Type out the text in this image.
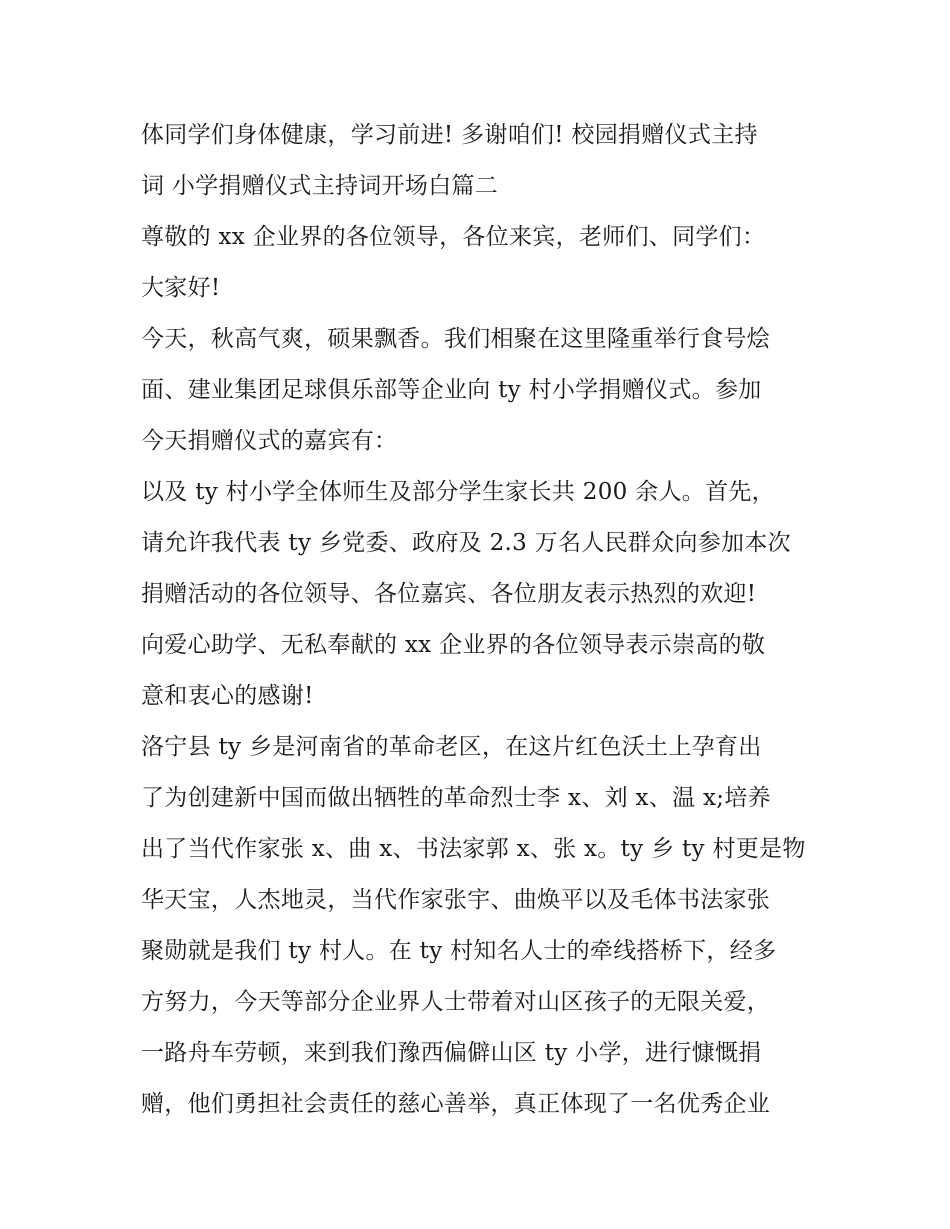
体同学们身体健康，学习前进! 多谢咱们! 校园捐赠仪式主持
词 小学捐赠仪式主持词开场白篇二
尊敬的 xx 企业界的各位领导，各位来宾，老师们、同学们：
大家好!
今天，秋高气爽，硕果飘香。我们相聚在这里隆重举行食号烩
面、建业集团足球俱乐部等企业向 ty 村小学捐赠仪式。参加
今天捐赠仪式的嘉宾有：
以及 ty 村小学全体师生及部分学生家长共 200 余人。首先，
请允许我代表 ty 乡党委、政府及 2.3 万名人民群众向参加本次
捐赠活动的各位领导、各位嘉宾、各位朋友表示热烈的欢迎!
向爱心助学、无私奉献的 xx 企业界的各位领导表示崇高的敬
意和衷心的感谢!
洛宁县 ty 乡是河南省的革命老区，在这片红色沃土上孕育出
了为创建新中国而做出牺牲的革命烈士李 x、刘 x、温 x;培养
出了当代作家张 x、曲 x、书法家郭 x、张 x。ty 乡 ty 村更是物
华天宝，人杰地灵，当代作家张宇、曲焕平以及毛体书法家张
聚勋就是我们 ty 村人。在 ty 村知名人士的牵线搭桥下，经多
方努力，今天等部分企业界人士带着对山区孩子的无限关爱，
一路舟车劳顿，来到我们豫西偏僻山区 ty 小学，进行慷慨捐
赠，他们勇担社会责任的慈心善举，真正体现了一名优秀企业
